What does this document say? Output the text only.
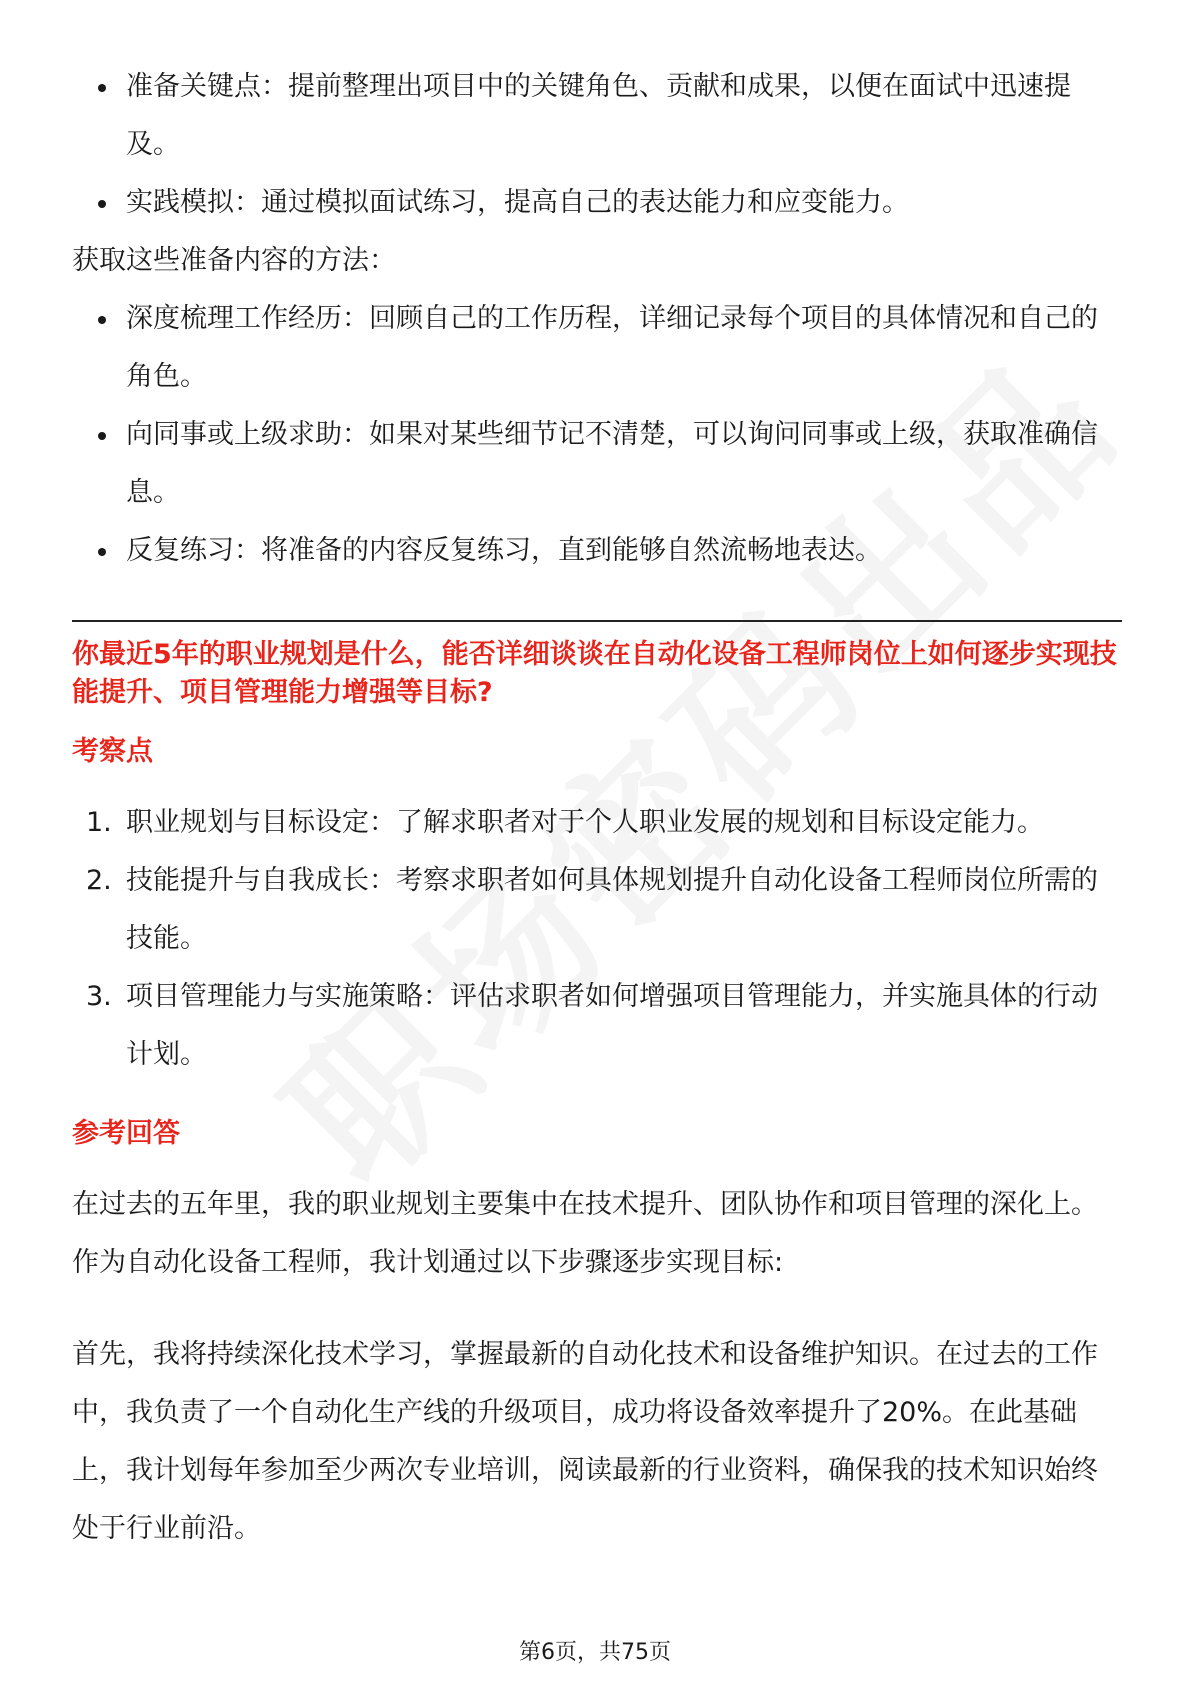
准备关键点：提前整理出项目中的关键角色、贡献和成果，以便在面试中迅速提及。
实践模拟：通过模拟面试练习，提高自己的表达能力和应变能力。

获取这些准备内容的方法：

深度梳理工作经历：回顾自己的工作历程，详细记录每个项目的具体情况和自己的角色。
向同事或上级求助：如果对某些细节记不清楚，可以询问同事或上级，获取准确信息。
反复练习：将准备的内容反复练习，直到能够自然流畅地表达。

你最近5年的职业规划是什么，能否详细谈谈在自动化设备工程师岗位上如何逐步实现技能提升、项目管理能力增强等目标?

考察点

1. 职业规划与目标设定：了解求职者对于个人职业发展的规划和目标设定能力。
2. 技能提升与自我成长：考察求职者如何具体规划提升自动化设备工程师岗位所需的技能。
3. 项目管理能力与实施策略：评估求职者如何增强项目管理能力，并实施具体的行动计划。

参考回答

在过去的五年里，我的职业规划主要集中在技术提升、团队协作和项目管理的深化上。作为自动化设备工程师，我计划通过以下步骤逐步实现目标:

首先，我将持续深化技术学习，掌握最新的自动化技术和设备维护知识。在过去的工作中，我负责了一个自动化生产线的升级项目，成功将设备效率提升了20%。在此基础上，我计划每年参加至少两次专业培训，阅读最新的行业资料，确保我的技术知识始终处于行业前沿。

第6页，共75页
